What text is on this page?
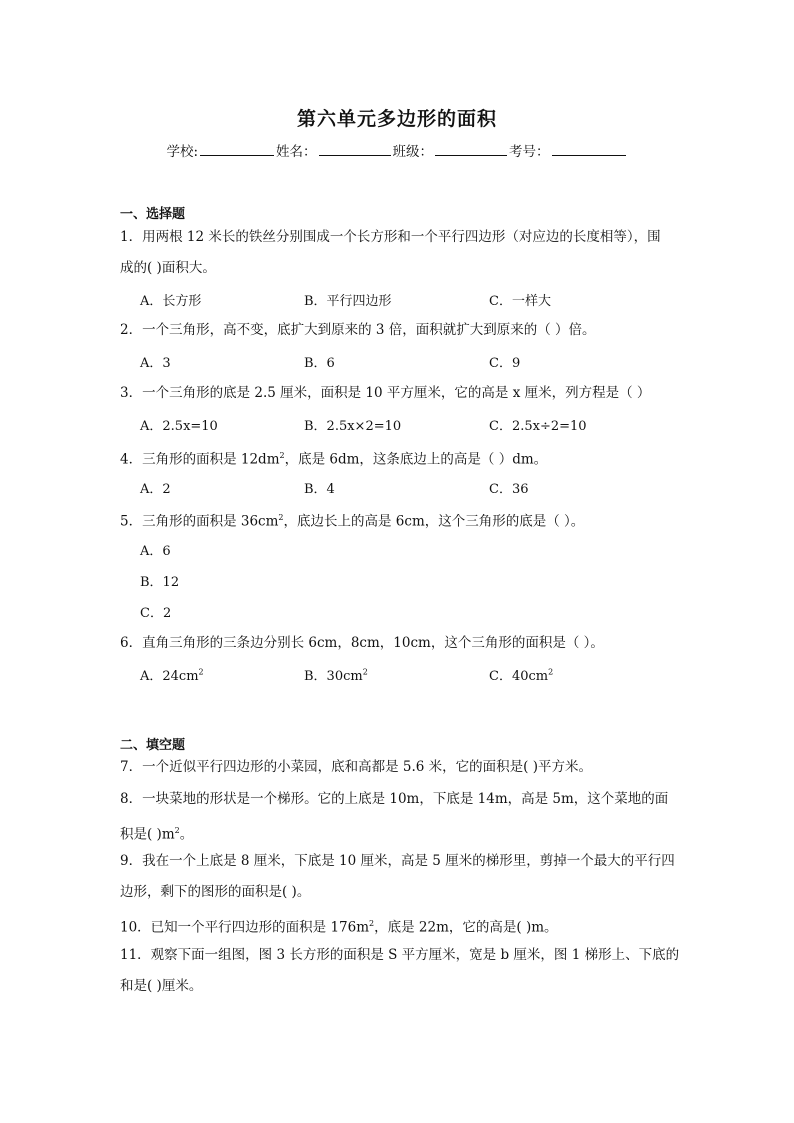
第六单元多边形的面积
学校:	姓名：	班级：	考号：
一、选择题
1．用两根 12 米长的铁丝分别围成一个长方形和一个平行四边形（对应边的长度相等），围
成的( )面积大。
A．长方形	B．平行四边形	C．一样大
2．一个三角形，高不变，底扩大到原来的 3 倍，面积就扩大到原来的（ ）倍。
A．3	B．6	C．9
3．一个三角形的底是 2.5 厘米，面积是 10 平方厘米，它的高是 x 厘米，列方程是（ ）
A．2.5x=10	B．2.5x×2=10	C．2.5x÷2=10
4．三角形的面积是 $12dm^2$，底是 6dm，这条底边上的高是（ ）dm。
A．2	B．4	C．36
5．三角形的面积是 $36cm^2$，底边长上的高是 6cm，这个三角形的底是（ ）。
A．6
B．12
C．2
6．直角三角形的三条边分别长 6cm，8cm，10cm，这个三角形的面积是（ ）。
A．$24cm^2$	B．$30cm^2$	C．$40cm^2$
二、填空题
7．一个近似平行四边形的小菜园，底和高都是 5.6 米，它的面积是( )平方米。
8．一块菜地的形状是一个梯形。它的上底是 10m，下底是 14m，高是 5m，这个菜地的面
积是( )$m^2$。
9．我在一个上底是 8 厘米，下底是 10 厘米，高是 5 厘米的梯形里，剪掉一个最大的平行四
边形，剩下的图形的面积是( )。
10．已知一个平行四边形的面积是 $176m^2$，底是 22m，它的高是( )m。
11．观察下面一组图，图 3 长方形的面积是 S 平方厘米，宽是 b 厘米，图 1 梯形上、下底的
和是( )厘米。
